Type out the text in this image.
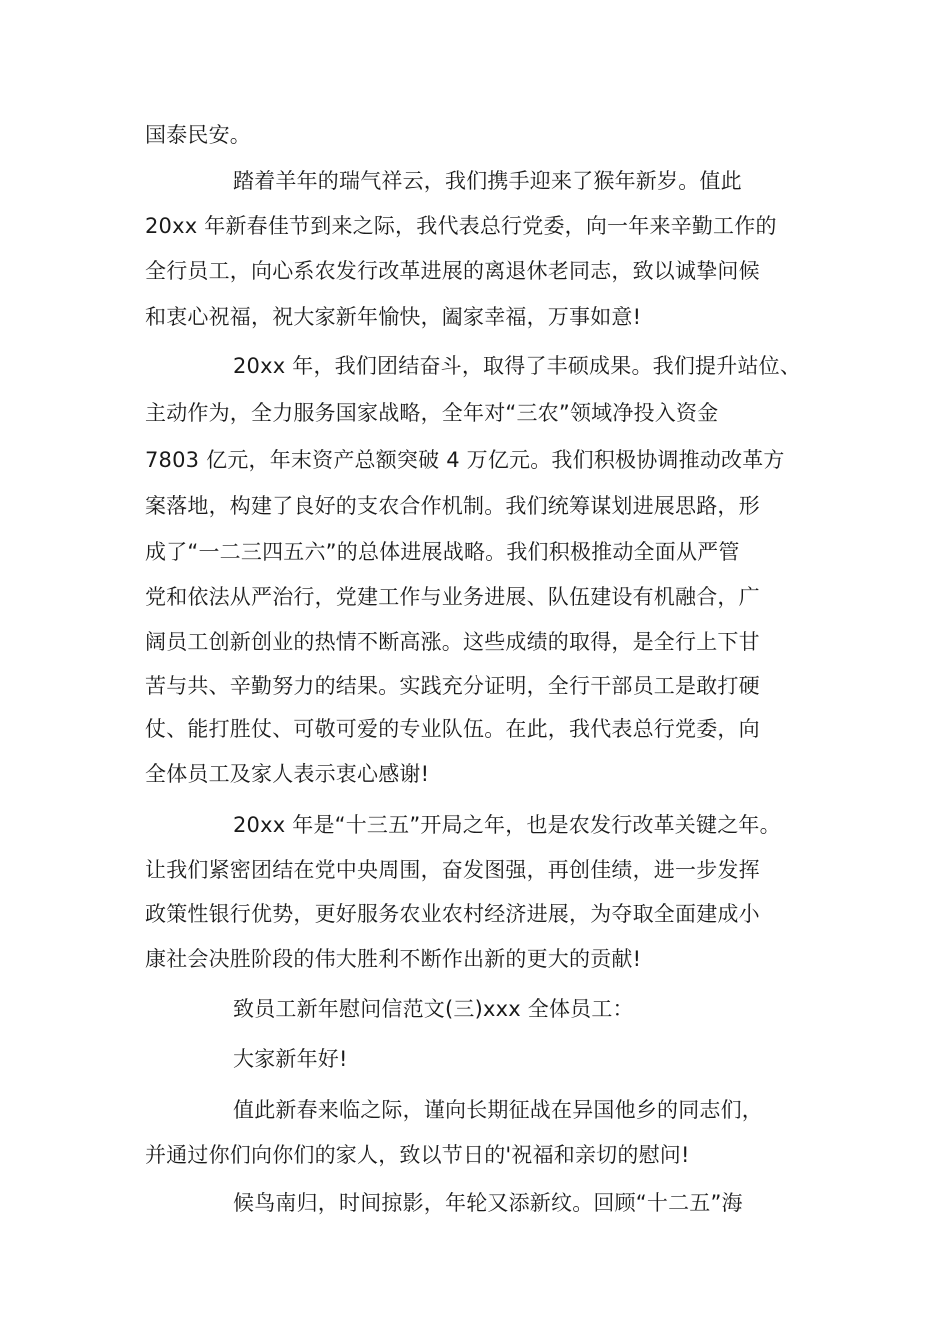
国泰民安。
踏着羊年的瑞气祥云，我们携手迎来了猴年新岁。值此
20xx 年新春佳节到来之际，我代表总行党委，向一年来辛勤工作的
全行员工，向心系农发行改革进展的离退休老同志，致以诚挚问候
和衷心祝福，祝大家新年愉快，阖家幸福，万事如意!
20xx 年，我们团结奋斗，取得了丰硕成果。我们提升站位、
主动作为，全力服务国家战略，全年对“三农”领域净投入资金
7803 亿元，年末资产总额突破 4 万亿元。我们积极协调推动改革方
案落地，构建了良好的支农合作机制。我们统筹谋划进展思路，形
成了“一二三四五六”的总体进展战略。我们积极推动全面从严管
党和依法从严治行，党建工作与业务进展、队伍建设有机融合，广
阔员工创新创业的热情不断高涨。这些成绩的取得，是全行上下甘
苦与共、辛勤努力的结果。实践充分证明，全行干部员工是敢打硬
仗、能打胜仗、可敬可爱的专业队伍。在此，我代表总行党委，向
全体员工及家人表示衷心感谢!
20xx 年是“十三五”开局之年，也是农发行改革关键之年。
让我们紧密团结在党中央周围，奋发图强，再创佳绩，进一步发挥
政策性银行优势，更好服务农业农村经济进展，为夺取全面建成小
康社会决胜阶段的伟大胜利不断作出新的更大的贡献!
致员工新年慰问信范文(三)xxx 全体员工：
大家新年好!
值此新春来临之际，谨向长期征战在异国他乡的同志们，
并通过你们向你们的家人，致以节日的'祝福和亲切的慰问!
候鸟南归，时间掠影，年轮又添新纹。回顾“十二五”海
